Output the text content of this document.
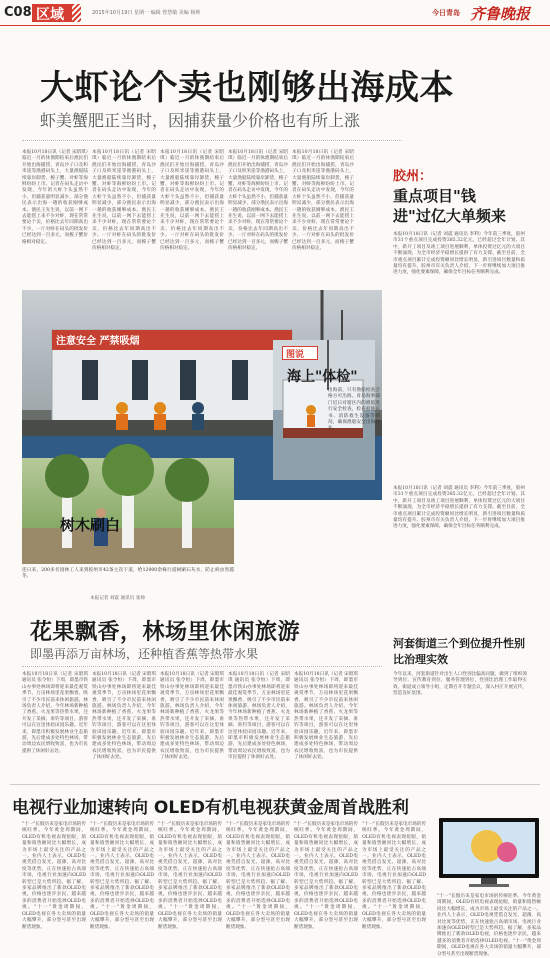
C08 区域	2015年10月19日 星期一 编辑 曾慧敏 美编 杨帅	今日青岛 齐鲁晚报
大虾论个卖也刚够出海成本
虾美蟹肥正当时，因捕获量少价格也有所上涨
本报10月18日讯（记者 宋昭琪）临近一月的休渔期结束后渔民们开始出海捕捞，青岛沙子口及积米崖等渔港码头上，大量渔船陆续靠岸卸货，梭子蟹、对虾等海鲜纷纷上市。记者在码头走访中发现，今年的大虾个头虽然不小，但捕获量明显减少，部分渔民表示出海一趟的收获刚够成本。渔民王先生说，以前一网下去能捞上来不少对虾，现在常常要论个卖，价格比去年同期高出不少。一斤对虾在码头的批发价已经达到一百多元，而梭子蟹价格相对稳定。
本报10月18日讯（记者 宋昭琪）临近一月的休渔期结束后渔民们开始出海捕捞，青岛沙子口及积米崖等渔港码头上，大量渔船陆续靠岸卸货，梭子蟹、对虾等海鲜纷纷上市。记者在码头走访中发现，今年的大虾个头虽然不小，但捕获量明显减少，部分渔民表示出海一趟的收获刚够成本。渔民王先生说，以前一网下去能捞上来不少对虾，现在常常要论个卖，价格比去年同期高出不少。一斤对虾在码头的批发价已经达到一百多元，而梭子蟹价格相对稳定。
本报10月18日讯（记者 宋昭琪）临近一月的休渔期结束后渔民们开始出海捕捞，青岛沙子口及积米崖等渔港码头上，大量渔船陆续靠岸卸货，梭子蟹、对虾等海鲜纷纷上市。记者在码头走访中发现，今年的大虾个头虽然不小，但捕获量明显减少，部分渔民表示出海一趟的收获刚够成本。渔民王先生说，以前一网下去能捞上来不少对虾，现在常常要论个卖，价格比去年同期高出不少。一斤对虾在码头的批发价已经达到一百多元，而梭子蟹价格相对稳定。
本报10月18日讯（记者 宋昭琪）临近一月的休渔期结束后渔民们开始出海捕捞，青岛沙子口及积米崖等渔港码头上，大量渔船陆续靠岸卸货，梭子蟹、对虾等海鲜纷纷上市。记者在码头走访中发现，今年的大虾个头虽然不小，但捕获量明显减少，部分渔民表示出海一趟的收获刚够成本。渔民王先生说，以前一网下去能捞上来不少对虾，现在常常要论个卖，价格比去年同期高出不少。一斤对虾在码头的批发价已经达到一百多元，而梭子蟹价格相对稳定。
本报10月18日讯（记者 宋昭琪）临近一月的休渔期结束后渔民们开始出海捕捞，青岛沙子口及积米崖等渔港码头上，大量渔船陆续靠岸卸货，梭子蟹、对虾等海鲜纷纷上市。记者在码头走访中发现，今年的大虾个头虽然不小，但捕获量明显减少，部分渔民表示出海一趟的收获刚够成本。渔民王先生说，以前一网下去能捞上来不少对虾，现在常常要论个卖，价格比去年同期高出不少。一斤对虾在码头的批发价已经达到一百多元，而梭子蟹价格相对稳定。
胶州：
重点项目"钱进"过亿大单频来
本报10月18日讯（记者 刘震 通讯员 李利）今年前三季度，胶州市31个重点项目完成投资385.32亿元，已经超过全年计划。其中，新开工项目及竣工项目进展顺利，单体投资过亿元的大项目不断涌现，为全市经济平稳增长提供了有力支撑。截至目前，全市重点项目累计完成投资额同比增长明显，新引进项目数量和质量均有提升。胶州市有关负责人介绍，下一步将继续加大项目推进力度，强化要素保障，确保全年目标任务顺利完成。
本报10月18日讯（记者 刘震 通讯员 李利）今年前三季度，胶州市31个重点项目完成投资385.32亿元，已经超过全年计划。其中，新开工项目及竣工项目进展顺利，单体投资过亿元的大项目不断涌现，为全市经济平稳增长提供了有力支撑。截至目前，全市重点项目累计完成投资额同比增长明显，新引进项目数量和质量均有提升。胶州市有关负责人介绍，下一步将继续加大项目推进力度，强化要素保障，确保全年目标任务顺利完成。
注意安全 严禁吸烟
图说
海上"体检"
出海前，只有渔船检查合格方可出海。青岛海事部门近日对辖区内的渔船进行安全检查，检查船舶证书、消防救生设备等情况，确保渔船安全出海作业。
树木刷白
连日来，200多名园林工人来到胶州市42条主次干道，给12000余株行道树刷石灰水，防止病虫害越冬。
本报记者 刘震 通讯员 张帅
花果飘香，林场里休闲旅游
即墨再添万亩林场，还种植香蕉等热带水果
本报10月18日讯（记者 宋昭琪 通讯员 张令恒）下周，即墨市铁山办事处林场即将迎来最佳观赏季节，万亩林场里花果飘香，吸引了不少市民前来休闲旅游。林场负责人介绍，今年林场新种植了香蕉、火龙果等热带水果，还开发了采摘、垂钓等项目，游客可以在这里体验田园乐趣。近年来，即墨市积极发展林业生态旅游，先后建成多处特色林场，带动周边农民增收致富，也为市民提供了休闲好去处。
本报10月18日讯（记者 宋昭琪 通讯员 张令恒）下周，即墨市铁山办事处林场即将迎来最佳观赏季节，万亩林场里花果飘香，吸引了不少市民前来休闲旅游。林场负责人介绍，今年林场新种植了香蕉、火龙果等热带水果，还开发了采摘、垂钓等项目，游客可以在这里体验田园乐趣。近年来，即墨市积极发展林业生态旅游，先后建成多处特色林场，带动周边农民增收致富，也为市民提供了休闲好去处。
本报10月18日讯（记者 宋昭琪 通讯员 张令恒）下周，即墨市铁山办事处林场即将迎来最佳观赏季节，万亩林场里花果飘香，吸引了不少市民前来休闲旅游。林场负责人介绍，今年林场新种植了香蕉、火龙果等热带水果，还开发了采摘、垂钓等项目，游客可以在这里体验田园乐趣。近年来，即墨市积极发展林业生态旅游，先后建成多处特色林场，带动周边农民增收致富，也为市民提供了休闲好去处。
本报10月18日讯（记者 宋昭琪 通讯员 张令恒）下周，即墨市铁山办事处林场即将迎来最佳观赏季节，万亩林场里花果飘香，吸引了不少市民前来休闲旅游。林场负责人介绍，今年林场新种植了香蕉、火龙果等热带水果，还开发了采摘、垂钓等项目，游客可以在这里体验田园乐趣。近年来，即墨市积极发展林业生态旅游，先后建成多处特色林场，带动周边农民增收致富，也为市民提供了休闲好去处。
本报10月18日讯（记者 宋昭琪 通讯员 张令恒）下周，即墨市铁山办事处林场即将迎来最佳观赏季节，万亩林场里花果飘香，吸引了不少市民前来休闲旅游。林场负责人介绍，今年林场新种植了香蕉、火龙果等热带水果，还开发了采摘、垂钓等项目，游客可以在这里体验田园乐趣。近年来，即墨市积极发展林业生态旅游，先后建成多处特色林场，带动周边农民增收致富，也为市民提供了休闲好去处。
河套街道三个到位提升性别比治理实效
今年以来，河套街道针对出生人口性别比偏高问题，做到了组织领导到位、宣传教育到位、服务管理到位，性别比治理工作取得实效。街道成立领导小组，定期召开专题会议，深入村庄开展宣传，营造良好氛围。
电视行业加速转向 OLED有机电视获黄金周首战胜利
"十一"长假历来是家电市场的传统旺季。今年黄金周期间，OLED有机电视表现抢眼，销量和销售额同比大幅增长，成为市场上最受关注的产品之一。业内人士表示，OLED电视凭借自发光、超薄、高对比度等优势，正在快速抢占高端市场，电视行业加速向OLED转型已是大势所趋。据了解，多家品牌推出了新款OLED电视，价格也逐步亲民，越来越多的消费者开始选择OLED电视。"十一"黄金周期间，OLED电视在各大卖场的销量大幅攀升，部分型号甚至出现断货现象。
"十一"长假历来是家电市场的传统旺季。今年黄金周期间，OLED有机电视表现抢眼，销量和销售额同比大幅增长，成为市场上最受关注的产品之一。业内人士表示，OLED电视凭借自发光、超薄、高对比度等优势，正在快速抢占高端市场，电视行业加速向OLED转型已是大势所趋。据了解，多家品牌推出了新款OLED电视，价格也逐步亲民，越来越多的消费者开始选择OLED电视。"十一"黄金周期间，OLED电视在各大卖场的销量大幅攀升，部分型号甚至出现断货现象。
"十一"长假历来是家电市场的传统旺季。今年黄金周期间，OLED有机电视表现抢眼，销量和销售额同比大幅增长，成为市场上最受关注的产品之一。业内人士表示，OLED电视凭借自发光、超薄、高对比度等优势，正在快速抢占高端市场，电视行业加速向OLED转型已是大势所趋。据了解，多家品牌推出了新款OLED电视，价格也逐步亲民，越来越多的消费者开始选择OLED电视。"十一"黄金周期间，OLED电视在各大卖场的销量大幅攀升，部分型号甚至出现断货现象。
"十一"长假历来是家电市场的传统旺季。今年黄金周期间，OLED有机电视表现抢眼，销量和销售额同比大幅增长，成为市场上最受关注的产品之一。业内人士表示，OLED电视凭借自发光、超薄、高对比度等优势，正在快速抢占高端市场，电视行业加速向OLED转型已是大势所趋。据了解，多家品牌推出了新款OLED电视，价格也逐步亲民，越来越多的消费者开始选择OLED电视。"十一"黄金周期间，OLED电视在各大卖场的销量大幅攀升，部分型号甚至出现断货现象。
"十一"长假历来是家电市场的传统旺季。今年黄金周期间，OLED有机电视表现抢眼，销量和销售额同比大幅增长，成为市场上最受关注的产品之一。业内人士表示，OLED电视凭借自发光、超薄、高对比度等优势，正在快速抢占高端市场，电视行业加速向OLED转型已是大势所趋。据了解，多家品牌推出了新款OLED电视，价格也逐步亲民，越来越多的消费者开始选择OLED电视。"十一"黄金周期间，OLED电视在各大卖场的销量大幅攀升，部分型号甚至出现断货现象。
"十一"长假历来是家电市场的传统旺季。今年黄金周期间，OLED有机电视表现抢眼，销量和销售额同比大幅增长，成为市场上最受关注的产品之一。业内人士表示，OLED电视凭借自发光、超薄、高对比度等优势，正在快速抢占高端市场，电视行业加速向OLED转型已是大势所趋。据了解，多家品牌推出了新款OLED电视，价格也逐步亲民，越来越多的消费者开始选择OLED电视。"十一"黄金周期间，OLED电视在各大卖场的销量大幅攀升，部分型号甚至出现断货现象。
"十一"长假历来是家电市场的传统旺季。今年黄金周期间，OLED有机电视表现抢眼，销量和销售额同比大幅增长，成为市场上最受关注的产品之一。业内人士表示，OLED电视凭借自发光、超薄、高对比度等优势，正在快速抢占高端市场，电视行业加速向OLED转型已是大势所趋。据了解，多家品牌推出了新款OLED电视，价格也逐步亲民，越来越多的消费者开始选择OLED电视。"十一"黄金周期间，OLED电视在各大卖场的销量大幅攀升，部分型号甚至出现断货现象。
